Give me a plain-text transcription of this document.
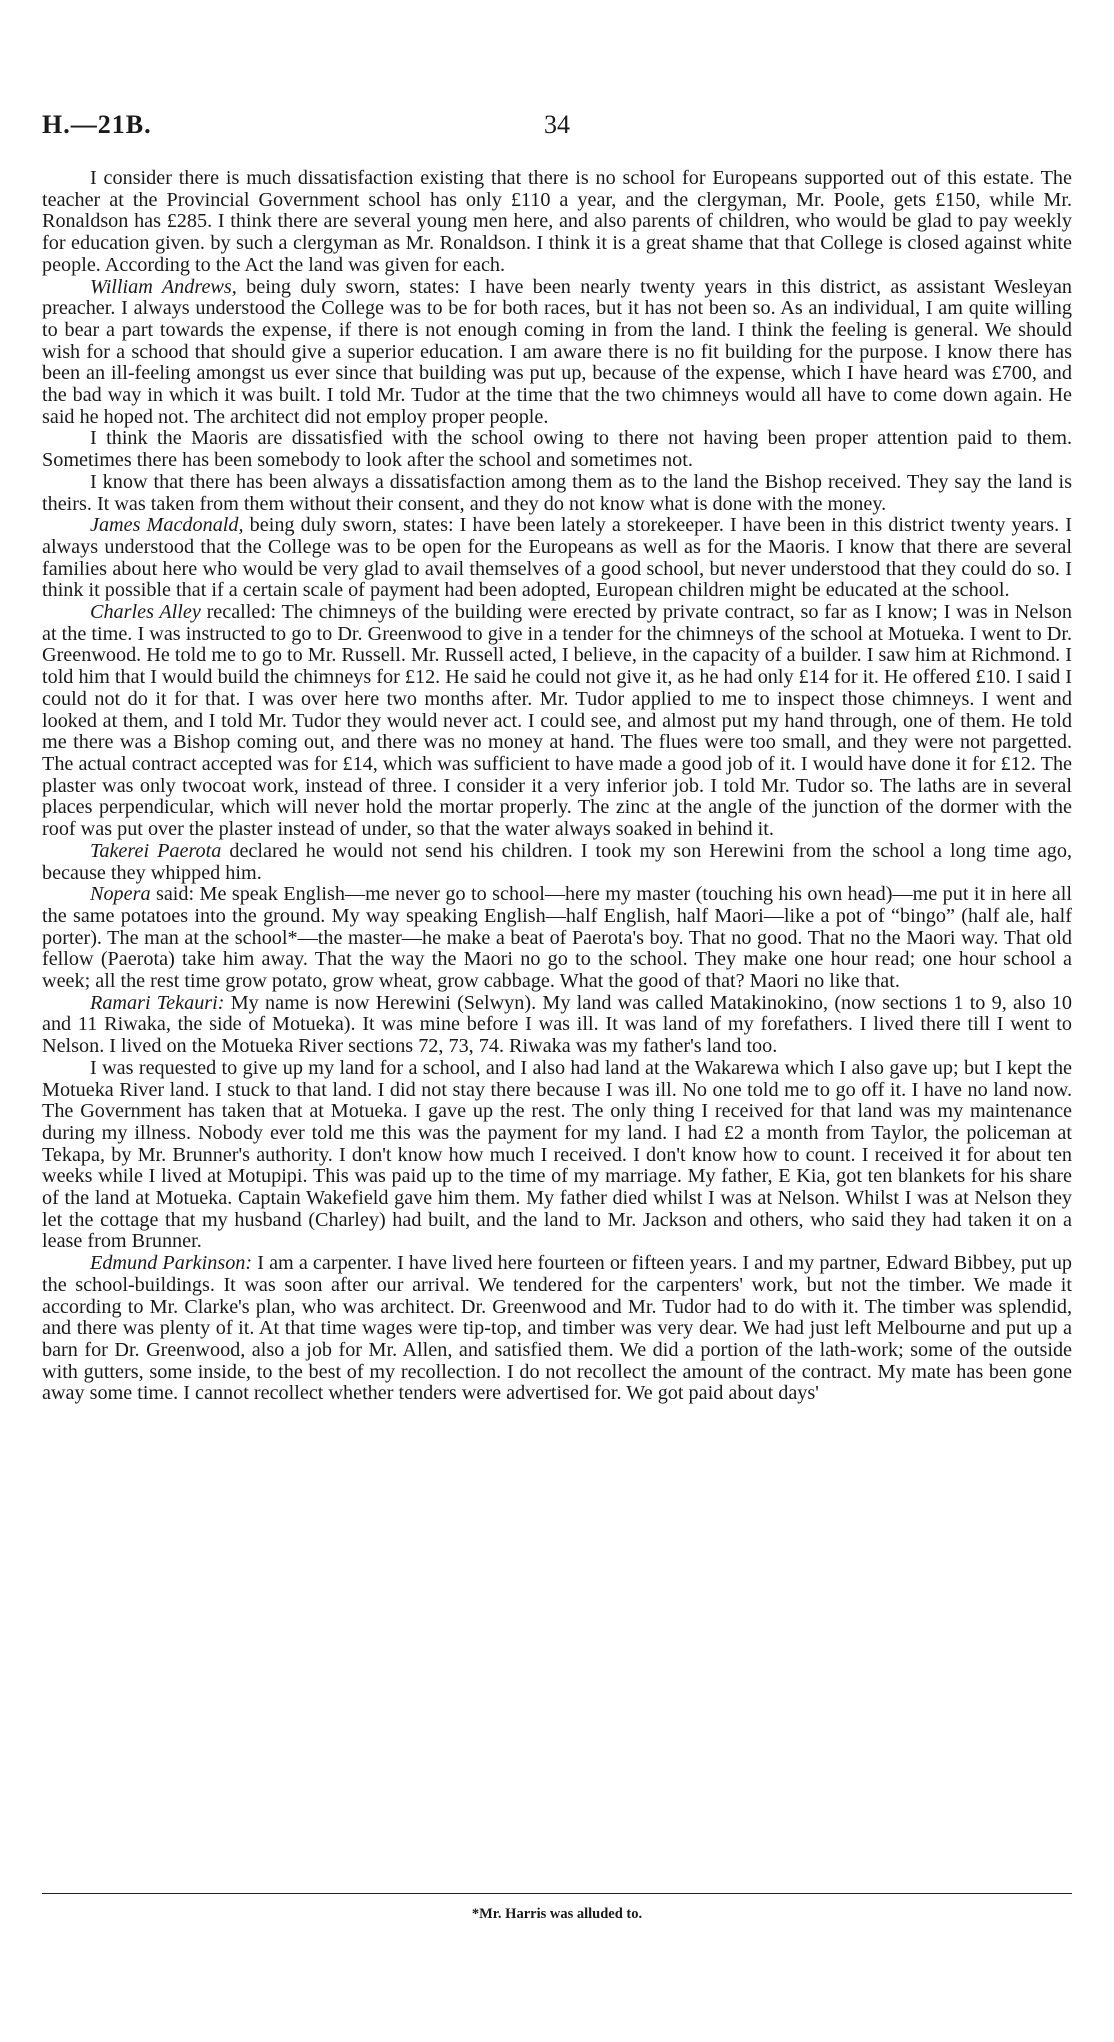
H.—21B.	34

I consider there is much dissatisfaction existing that there is no school for Europeans supported out of this estate. The teacher at the Provincial Government school has only £110 a year, and the clergyman, Mr. Poole, gets £150, while Mr. Ronaldson has £285. I think there are several young men here, and also parents of children, who would be glad to pay weekly for education given. by such a clergyman as Mr. Ronaldson. I think it is a great shame that that College is closed against white people. According to the Act the land was given for each.

William Andrews, being duly sworn, states: I have been nearly twenty years in this district, as assistant Wesleyan preacher. I always understood the College was to be for both races, but it has not been so. As an individual, I am quite willing to bear a part towards the expense, if there is not enough coming in from the land. I think the feeling is general. We should wish for a schood that should give a superior education. I am aware there is no fit building for the purpose. I know there has been an ill-feeling amongst us ever since that building was put up, because of the expense, which I have heard was £700, and the bad way in which it was built. I told Mr. Tudor at the time that the two chimneys would all have to come down again. He said he hoped not. The architect did not employ proper people.

I think the Maoris are dissatisfied with the school owing to there not having been proper attention paid to them. Sometimes there has been somebody to look after the school and sometimes not.

I know that there has been always a dissatisfaction among them as to the land the Bishop received. They say the land is theirs. It was taken from them without their consent, and they do not know what is done with the money.

James Macdonald, being duly sworn, states: I have been lately a storekeeper. I have been in this district twenty years. I always understood that the College was to be open for the Europeans as well as for the Maoris. I know that there are several families about here who would be very glad to avail themselves of a good school, but never understood that they could do so. I think it possible that if a certain scale of payment had been adopted, European children might be educated at the school.

Charles Alley recalled: The chimneys of the building were erected by private contract, so far as I know; I was in Nelson at the time. I was instructed to go to Dr. Greenwood to give in a tender for the chimneys of the school at Motueka. I went to Dr. Greenwood. He told me to go to Mr. Russell. Mr. Russell acted, I believe, in the capacity of a builder. I saw him at Richmond. I told him that I would build the chimneys for £12. He said he could not give it, as he had only £14 for it. He offered £10. I said I could not do it for that. I was over here two months after. Mr. Tudor applied to me to inspect those chimneys. I went and looked at them, and I told Mr. Tudor they would never act. I could see, and almost put my hand through, one of them. He told me there was a Bishop coming out, and there was no money at hand. The flues were too small, and they were not pargetted. The actual contract accepted was for £14, which was sufficient to have made a good job of it. I would have done it for £12. The plaster was only twocoat work, instead of three. I consider it a very inferior job. I told Mr. Tudor so. The laths are in several places perpendicular, which will never hold the mortar properly. The zinc at the angle of the junction of the dormer with the roof was put over the plaster instead of under, so that the water always soaked in behind it.

Takerei Paerota declared he would not send his children. I took my son Herewini from the school a long time ago, because they whipped him.

Nopera said: Me speak English—me never go to school—here my master (touching his own head)—me put it in here all the same potatoes into the ground. My way speaking English—half English, half Maori—like a pot of “bingo” (half ale, half porter). The man at the school*—the master—he make a beat of Paerota's boy. That no good. That no the Maori way. That old fellow (Paerota) take him away. That the way the Maori no go to the school. They make one hour read; one hour school a week; all the rest time grow potato, grow wheat, grow cabbage. What the good of that? Maori no like that.

Ramari Tekauri: My name is now Herewini (Selwyn). My land was called Matakinokino, (now sections 1 to 9, also 10 and 11 Riwaka, the side of Motueka). It was mine before I was ill. It was land of my forefathers. I lived there till I went to Nelson. I lived on the Motueka River sections 72, 73, 74. Riwaka was my father's land too.

I was requested to give up my land for a school, and I also had land at the Wakarewa which I also gave up; but I kept the Motueka River land. I stuck to that land. I did not stay there because I was ill. No one told me to go off it. I have no land now. The Government has taken that at Motueka. I gave up the rest. The only thing I received for that land was my maintenance during my illness. Nobody ever told me this was the payment for my land. I had £2 a month from Taylor, the policeman at Tekapa, by Mr. Brunner's authority. I don't know how much I received. I don't know how to count. I received it for about ten weeks while I lived at Motupipi. This was paid up to the time of my marriage. My father, E Kia, got ten blankets for his share of the land at Motueka. Captain Wakefield gave him them. My father died whilst I was at Nelson. Whilst I was at Nelson they let the cottage that my husband (Charley) had built, and the land to Mr. Jackson and others, who said they had taken it on a lease from Brunner.

Edmund Parkinson: I am a carpenter. I have lived here fourteen or fifteen years. I and my partner, Edward Bibbey, put up the school-buildings. It was soon after our arrival. We tendered for the carpenters' work, but not the timber. We made it according to Mr. Clarke's plan, who was architect. Dr. Greenwood and Mr. Tudor had to do with it. The timber was splendid, and there was plenty of it. At that time wages were tip-top, and timber was very dear. We had just left Melbourne and put up a barn for Dr. Greenwood, also a job for Mr. Allen, and satisfied them. We did a portion of the lath-work; some of the outside with gutters, some inside, to the best of my recollection. I do not recollect the amount of the contract. My mate has been gone away some time. I cannot recollect whether tenders were advertised for. We got paid about days'

*Mr. Harris was alluded to.
